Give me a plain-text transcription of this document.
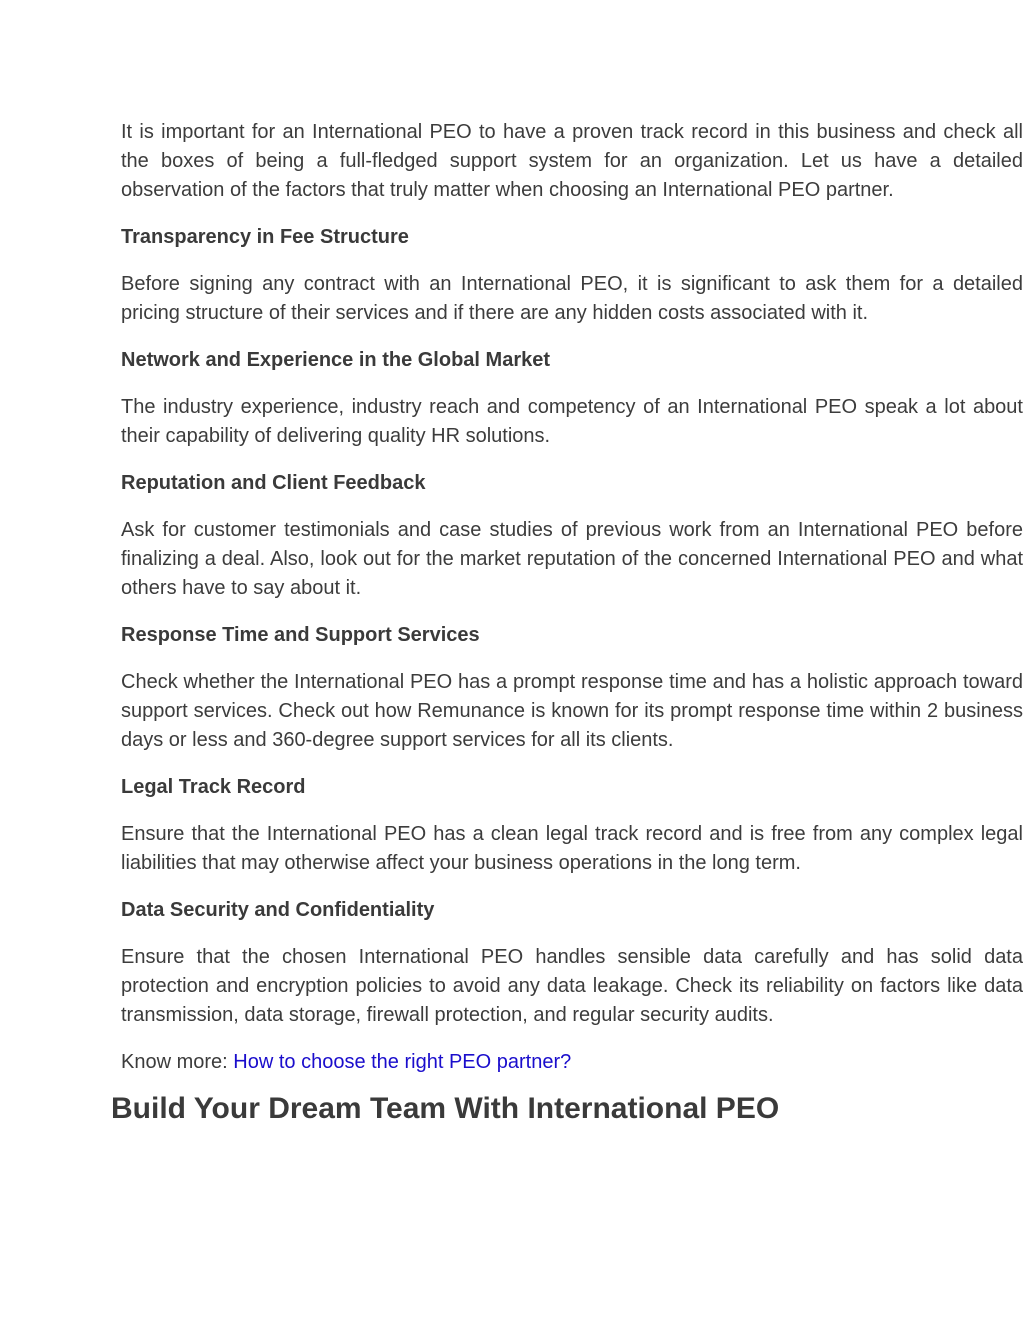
It is important for an International PEO to have a proven track record in this business and check all the boxes of being a full-fledged support system for an organization. Let us have a detailed observation of the factors that truly matter when choosing an International PEO partner.

Transparency in Fee Structure

Before signing any contract with an International PEO, it is significant to ask them for a detailed pricing structure of their services and if there are any hidden costs associated with it.

Network and Experience in the Global Market

The industry experience, industry reach and competency of an International PEO speak a lot about their capability of delivering quality HR solutions.

Reputation and Client Feedback

Ask for customer testimonials and case studies of previous work from an International PEO before finalizing a deal. Also, look out for the market reputation of the concerned International PEO and what others have to say about it.

Response Time and Support Services

Check whether the International PEO has a prompt response time and has a holistic approach toward support services. Check out how Remunance is known for its prompt response time within 2 business days or less and 360-degree support services for all its clients.

Legal Track Record

Ensure that the International PEO has a clean legal track record and is free from any complex legal liabilities that may otherwise affect your business operations in the long term.

Data Security and Confidentiality

Ensure that the chosen International PEO handles sensible data carefully and has solid data protection and encryption policies to avoid any data leakage. Check its reliability on factors like data transmission, data storage, firewall protection, and regular security audits.

Know more: How to choose the right PEO partner?

Build Your Dream Team With International PEO
